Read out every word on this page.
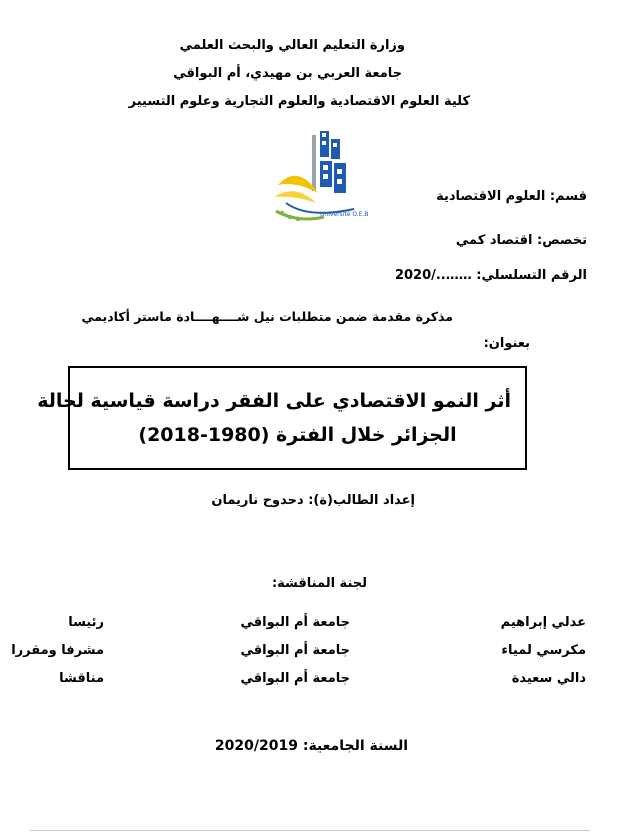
وزارة التعليم العالي والبحث العلمي
جامعة العربي بن مهيدي، أم البواقي
كلية العلوم الاقتصادية والعلوم التجارية وعلوم التسيير
Université O.E.B
قسم: العلوم الاقتصادية
تخصص: اقتصاد كمي
الرقم التسلسلي: ……../2020
مذكرة مقدمة ضمن متطلبات نيل شــــهــــادة ماستر أكاديمي
بعنوان:
أثر النمو الاقتصادي على الفقر دراسة قياسية لحالة
الجزائر خلال الفترة (1980-2018)
إعداد الطالب(ة): دحدوح ناريمان
لجنة المناقشة:
عدلي إبراهيم
جامعة أم البواقي
رئيسا
مكرسي لمياء
جامعة أم البواقي
مشرفا ومقررا
دالي سعيدة
جامعة أم البواقي
مناقشا
السنة الجامعية: 2020/2019
